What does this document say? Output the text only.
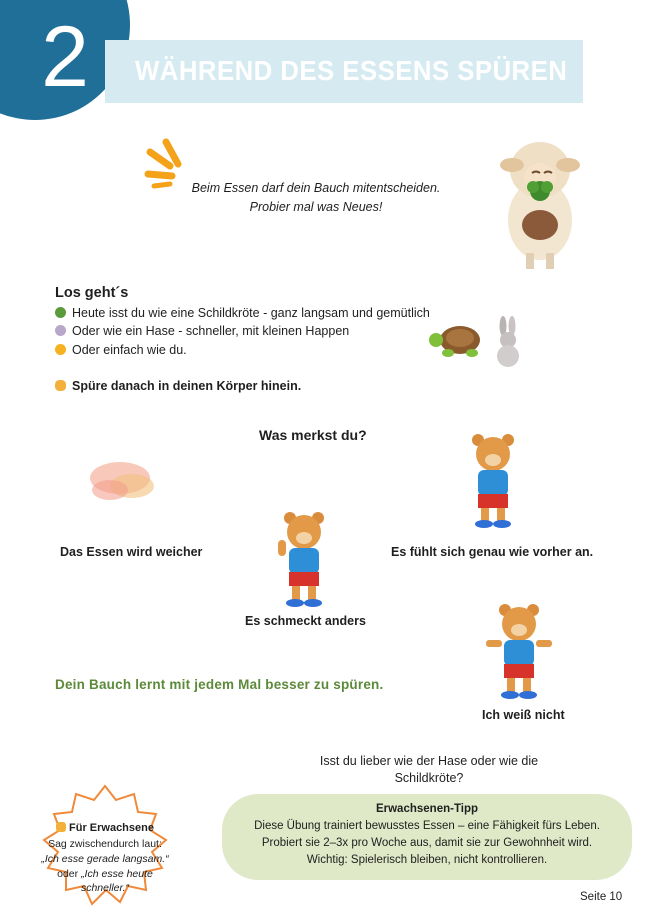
2	WÄHREND DES ESSENS SPÜREN
Beim Essen darf dein Bauch mitentscheiden.
Probier mal was Neues!
Los geht´s
Heute isst du wie eine Schildkröte - ganz langsam und gemütlich
Oder wie ein Hase - schneller, mit kleinen Happen
Oder einfach wie du.
Spüre danach in deinen Körper hinein.
Was merkst du?
Das Essen wird weicher	Es fühlt sich genau wie vorher an.
Es schmeckt anders
Ich weiß nicht
Dein Bauch lernt mit jedem Mal besser zu spüren.
Isst du lieber wie der Hase oder wie die
Schildkröte?
Für Erwachsene
Sag zwischendurch laut:
„Ich esse gerade langsam.“
oder „Ich esse heute
schneller.“
Erwachsenen-Tipp
Diese Übung trainiert bewusstes Essen – eine Fähigkeit fürs Leben.
Probiert sie 2–3x pro Woche aus, damit sie zur Gewohnheit wird.
Wichtig: Spielerisch bleiben, nicht kontrollieren.
Seite 10
